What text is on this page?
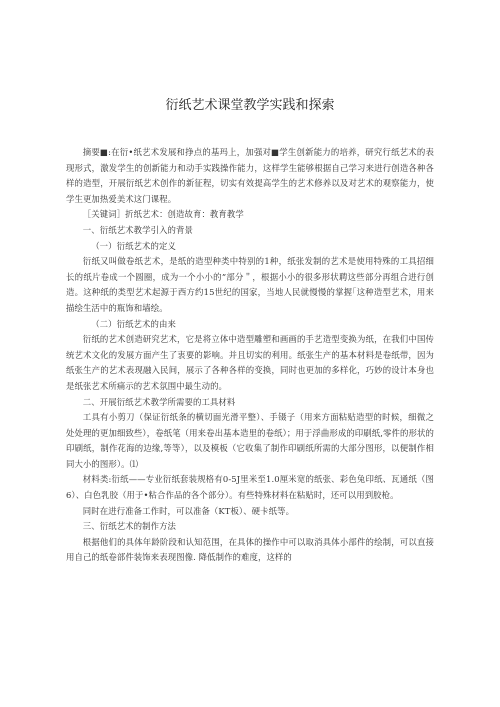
衍纸艺术课堂教学实践和探索

摘要■:在衍•纸艺术发展和挣点的基玛上，加强对■学生创新能力的培养，研究行纸艺术的表现形式，激发学生的创新能力和动手实践操作能力，这样学生能够根据自己学习来进行创造各种各样的造型，开展衍纸艺术创作的新征程，切实有效提高学生的艺术修养以及对艺术的观察能力，使学生更加热爱美术这门课程。

［关键词］折纸艺术：创造故育：教育教学

一、衍纸艺术教学引入的背景

（一）衍纸艺术的定义

衍纸又叫做卷纸艺术，是纸的造型种类中特别的1种，纸张发制的艺术是使用特殊的工具招细长的纸片卷成一个圆圈，成为一个小小的”部分＂，根据小小的很多形状聘这些部分再组合进行创造。这种纸的类型艺术起源于西方约15世纪的国家，当地人民就慢慢的掌握｢这种造型艺术，用来描绘生活中的瓶饰和墙绘。

（二）衍纸艺术的由来

衍纸的艺术创造研究艺术，它是将立体中造型雕塑和画画的手艺造型变换为纸，在我们中国传统艺术文化的发展方面产生了衷要的影响。并且切实的利用。纸张生产的基本材料是卷纸带，因为纸张生产的艺术表现融入民间，展示了各种各样的变换，同时也更加的多样化，巧妙的设计本身也是纸张艺术所痛示的艺术氛围中最生动的。

二、开展衍纸艺术教学所需要的工具材料

工具有小剪刀（保证衍纸条的横切面光滑平整）、手镊子（用来方面粘贴造型的时候，细微之处处理的更加细致些），卷纸笔（用来卷出基本造里的卷纸）；用于浮曲形成的印刷纸,零件的形状的印刷纸，制作花海的边缘,等等），以及模板（它收集了制作印刷纸所需的大部分图形，以便制作相同大小的图形）。⑴

材料类:衍纸——专业衍纸套装规格有0-5J里米至1.0厘米宽的纸张、彩色兔印纸、瓦通纸（图6）、白色乳胶（用于•粘合作品的各个部分）。有些特殊材料在粘贴时，还可以用到胶枪。

同时在进行准备工作时，可以准备（KT板）、硬卡纸等。

三、衍纸艺术的制作方法

根据他们的具体年龄阶段和认知范围，在具体的操作中可以取消具体小部件的绘制，可以直接用自己的纸卷部件装饰来表现图像. 降低制作的难度，这样的
